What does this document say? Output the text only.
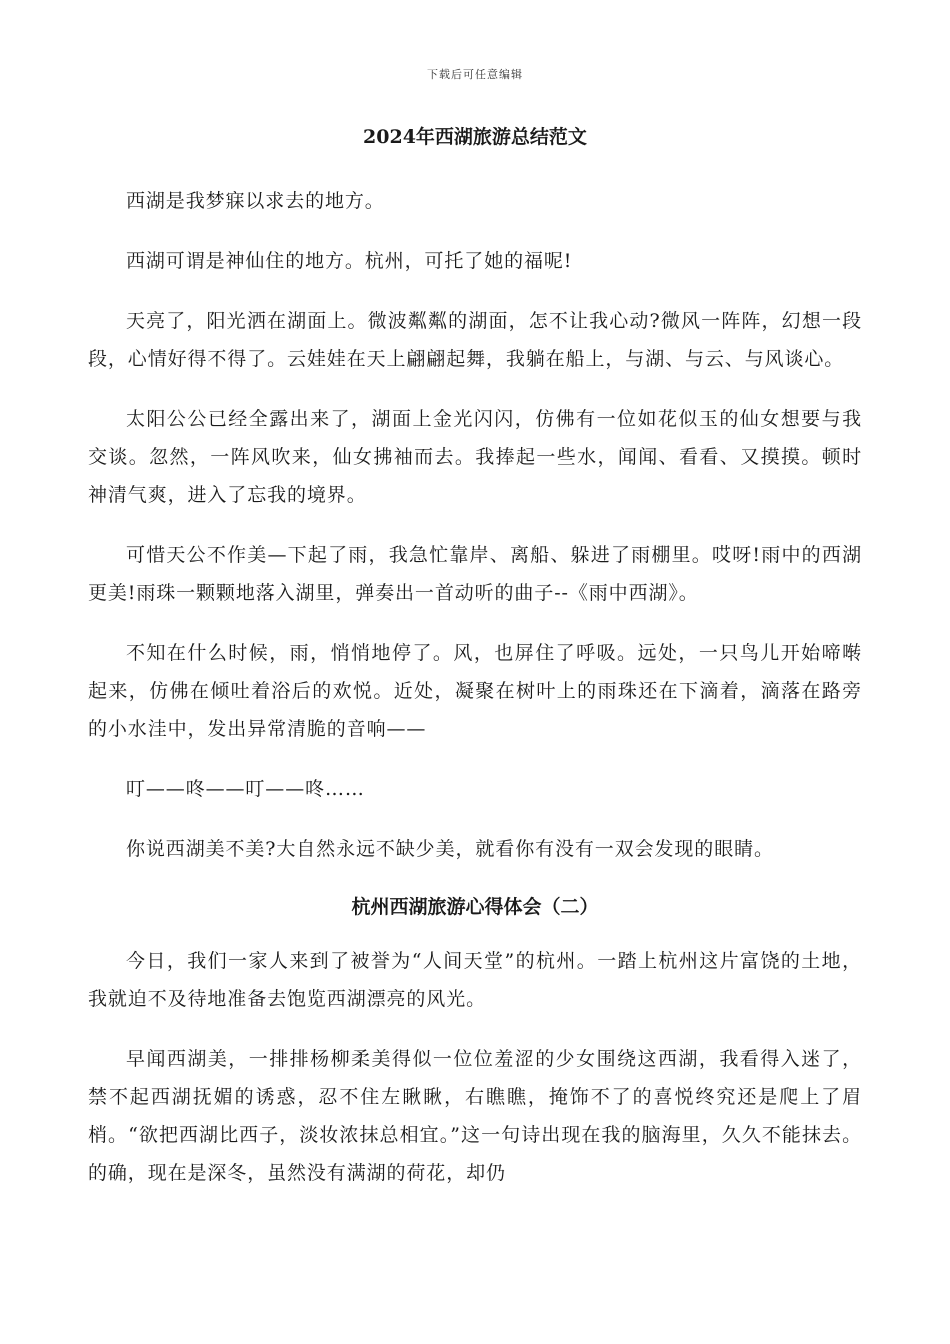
下载后可任意编辑
2024年西湖旅游总结范文

西湖是我梦寐以求去的地方。

西湖可谓是神仙住的地方。杭州，可托了她的福呢!

天亮了，阳光洒在湖面上。微波粼粼的湖面，怎不让我心动?微风一阵阵，幻想一段段，心情好得不得了。云娃娃在天上翩翩起舞，我躺在船上，与湖、与云、与风谈心。

太阳公公已经全露出来了，湖面上金光闪闪，仿佛有一位如花似玉的仙女想要与我交谈。忽然，一阵风吹来，仙女拂袖而去。我捧起一些水，闻闻、看看、又摸摸。顿时神清气爽，进入了忘我的境界。

可惜天公不作美—下起了雨，我急忙靠岸、离船、躲进了雨棚里。哎呀!雨中的西湖更美!雨珠一颗颗地落入湖里，弹奏出一首动听的曲子--《雨中西湖》。

不知在什么时候，雨，悄悄地停了。风，也屏住了呼吸。远处，一只鸟儿开始啼啭起来，仿佛在倾吐着浴后的欢悦。近处，凝聚在树叶上的雨珠还在下滴着，滴落在路旁的小水洼中，发出异常清脆的音响——

叮——咚——叮——咚……

你说西湖美不美?大自然永远不缺少美，就看你有没有一双会发现的眼睛。

杭州西湖旅游心得体会（二）

今日，我们一家人来到了被誉为“人间天堂”的杭州。一踏上杭州这片富饶的土地，我就迫不及待地准备去饱览西湖漂亮的风光。

早闻西湖美，一排排杨柳柔美得似一位位羞涩的少女围绕这西湖，我看得入迷了，禁不起西湖抚媚的诱惑，忍不住左瞅瞅，右瞧瞧，掩饰不了的喜悦终究还是爬上了眉梢。“欲把西湖比西子，淡妆浓抹总相宜。”这一句诗出现在我的脑海里，久久不能抹去。的确，现在是深冬，虽然没有满湖的荷花，却仍
